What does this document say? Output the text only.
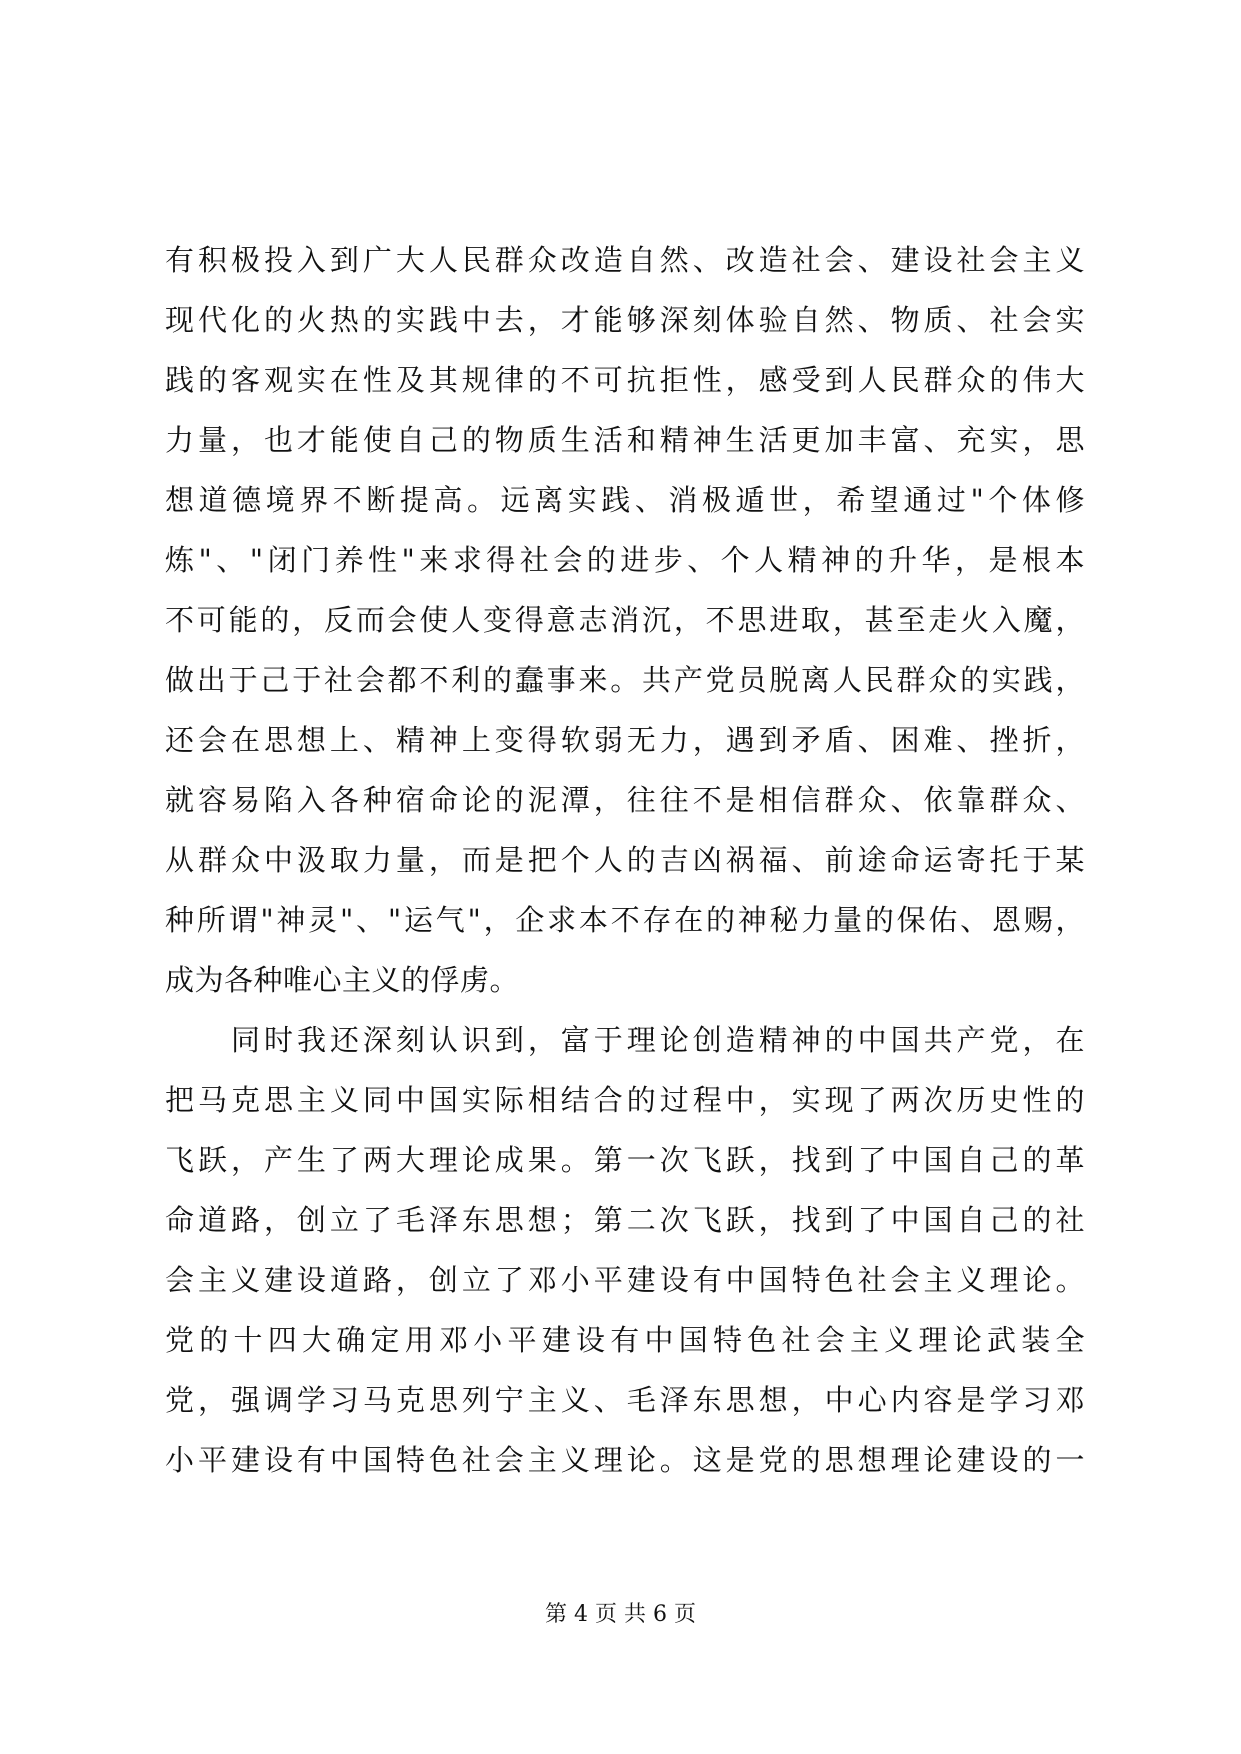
有积极投入到广大人民群众改造自然、改造社会、建设社会主义
现代化的火热的实践中去，才能够深刻体验自然、物质、社会实
践的客观实在性及其规律的不可抗拒性，感受到人民群众的伟大
力量，也才能使自己的物质生活和精神生活更加丰富、充实，思
想道德境界不断提高。远离实践、消极遁世，希望通过"个体修
炼"、"闭门养性"来求得社会的进步、个人精神的升华，是根本
不可能的，反而会使人变得意志消沉，不思进取，甚至走火入魔，
做出于己于社会都不利的蠢事来。共产党员脱离人民群众的实践，
还会在思想上、精神上变得软弱无力，遇到矛盾、困难、挫折，
就容易陷入各种宿命论的泥潭，往往不是相信群众、依靠群众、
从群众中汲取力量，而是把个人的吉凶祸福、前途命运寄托于某
种所谓"神灵"、"运气"，企求本不存在的神秘力量的保佑、恩赐，
成为各种唯心主义的俘虏。
同时我还深刻认识到，富于理论创造精神的中国共产党，在
把马克思主义同中国实际相结合的过程中，实现了两次历史性的
飞跃，产生了两大理论成果。第一次飞跃，找到了中国自己的革
命道路，创立了毛泽东思想；第二次飞跃，找到了中国自己的社
会主义建设道路，创立了邓小平建设有中国特色社会主义理论。
党的十四大确定用邓小平建设有中国特色社会主义理论武装全
党，强调学习马克思列宁主义、毛泽东思想，中心内容是学习邓
小平建设有中国特色社会主义理论。这是党的思想理论建设的一
第 4 页 共 6 页
